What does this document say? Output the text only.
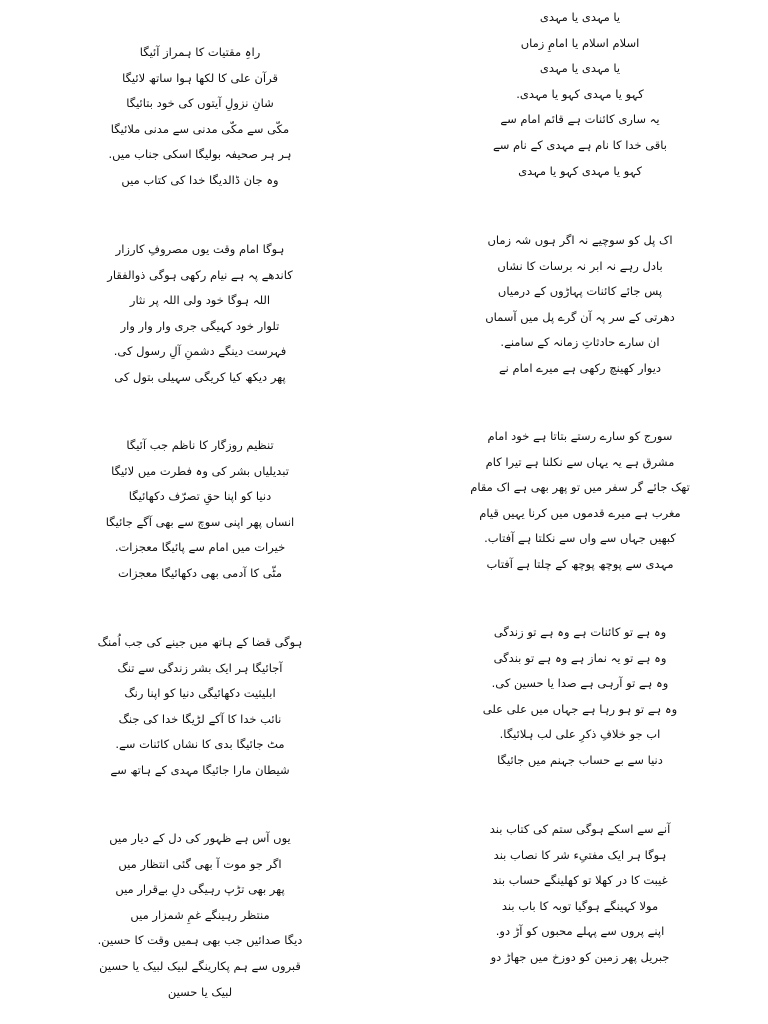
یا مہدی یا مہدی
اسلام اسلام یا امامِ زماں
یا مہدی یا مہدی
کہو یا مہدی کہو یا مہدی.
یہ ساری کائنات ہے قائم امام سے
باقی خدا کا نام ہے مہدی کے نام سے
کہو یا مہدی کہو یا مہدی
راہِ مقتیات کا ہمراز آئیگا
قرآن علی کا لکھا ہوا ساتھ لائیگا
شانِ نزولِ آیتوں کی خود بتائیگا
مکّی سے مکّی مدنی سے مدنی ملائیگا
ہر ہر صحیفہ بولیگا اسکی جناب میں.
وہ جان ڈالدیگا خدا کی کتاب میں
اک پل کو سوچیے نہ اگر ہوں شہ زماں
بادل رہے نہ ابر نہ برسات کا نشاں
پس جائے کائنات پہاڑوں کے درمیاں
دھرتی کے سر پہ آن گرے پل میں آسماں
ان سارے حادثاتِ زمانہ کے سامنے.
دیوار کھینچ رکھی ہے میرے امام نے
ہوگا امام وقت یوں مصروفِ کارزار
کاندھے پہ ہے نیام رکھی ہوگی ذوالفقار
اللہ ہوگا خود ولی اللہ پر نثار
تلوار خود کہیگی جری وار وار وار
فہرست دینگے دشمنِ آلِ رسول کی.
پھر دیکھ کیا کریگی سہیلی بتول کی
سورج کو سارے رستے بتاتا ہے خود امام
مشرق ہے یہ یہاں سے نکلنا ہے تیرا کام
تھک جائے گر سفر میں تو پھر بھی ہے اک مقام
مغرب ہے میرے قدموں میں کرنا یہیں قیام
کبھیں جہاں سے واں سے نکلتا ہے آفتاب.
مہدی سے پوچھ پوچھ کے چلتا ہے آفتاب
تنظیم روزگار کا ناظم جب آئیگا
تبدیلیاں بشر کی وہ فطرت میں لائیگا
دنیا کو اپنا حقِ تصرّف دکھائیگا
انساں پھر اپنی سوچ سے بھی آگے جائیگا
خیرات میں امام سے پائیگا معجزات.
مٹّی کا آدمی بھی دکھائیگا معجزات
وہ ہے تو کائنات ہے وہ ہے تو زندگی
وہ ہے تو یہ نماز ہے وہ ہے تو بندگی
وہ ہے تو آرہی ہے صدا یا حسین کی.
وہ ہے تو ہو رہا ہے جہاں میں علی علی
اب جو خلافِ ذکرِ علی لب ہلائیگا.
دنیا سے بے حساب جہنم میں جائیگا
ہوگی قضا کے ہاتھ میں جینے کی جب اُمنگ
آجائیگا ہر ایک بشر زندگی سے تنگ
ابلیثیت دکھائیگی دنیا کو اپنا رنگ
نائب خدا کا آکے لڑیگا خدا کی جنگ
مٹ جائیگا بدی کا نشاں کائنات سے.
شیطان مارا جائیگا مہدی کے ہاتھ سے
آنے سے اسکے ہوگی ستم کی کتاب بند
ہوگا ہر ایک مفتیِء شر کا نصاب بند
غیبت کا در کھلا تو کھلینگے حساب بند
مولا کہینگے ہوگیا توبہ کا باب بند
اپنے پروں سے پہلے محبوں کو آڑ دو.
جبریل پھر زمین کو دوزخ میں جھاڑ دو
یوں آس ہے ظہور کی دل کے دیار میں
اگر جو موت آ بھی گئی انتظار میں
پھر بھی تڑپ رہیگی دلِ بےقرار میں
منتظر رہینگے غمِ شمزار میں
دیگا صدائیں جب بھی ہمیں وقت کا حسین.
قبروں سے ہم پکارینگے لبیک لبیک یا حسین
لبیک یا حسین
